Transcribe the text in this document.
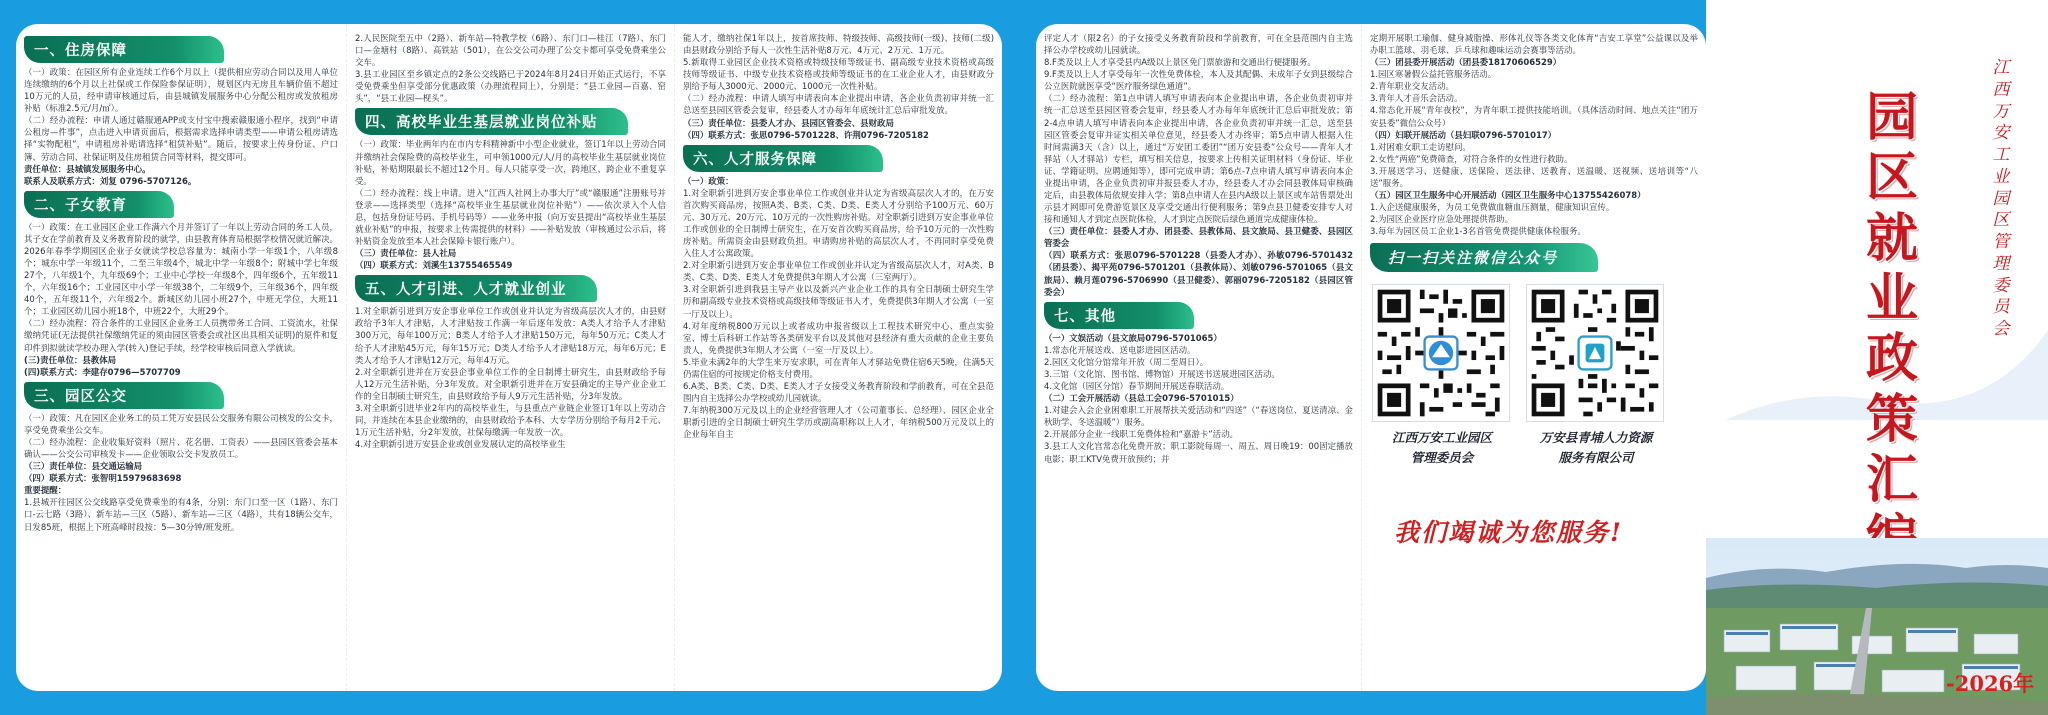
一、住房保障
（一）政策：在园区所有企业连续工作6个月以上（提供相应劳动合同以及用人单位连续缴纳的6个月以上社保或工作保险参保证明），规划区内无房且车辆价值不超过10万元的人员，经申请审核通过后，由县城镇发展服务中心分配公租房或发放租房补贴（标准2.5元/月/㎡）。
（二）经办流程：申请人通过赣服通APP或支付宝中搜索赣服通小程序，找到“申请公租房—件事”，点击进入申请页面后，根据需求选择申请类型——申请公租房请选择“实物配租”，申请租房补贴请选择“租赁补贴”。随后，按要求上传身份证、户口簿、劳动合同、社保证明及住房租赁合同等材料，提交即可。
责任单位：县城镇发展服务中心。
联系人及联系方式：刘复 0796-5707126。
二、子女教育
（一）政策：在工业园区企业工作满六个月并签订了一年以上劳动合同的务工人员，其子女在学前教育及义务教育阶段的就学，由县教育体育局根据学校情况就近解决。2026年春季学期园区企业子女就读学校总容量为：城南小学一年级1个，八年级8个；城东中学一年级11个，二至三年级4个，城北中学一年级8个；附城中学七年级27个，八年级1个，九年级69个；工业中心学校一年级8个，四年级6个，五年级11个，六年级16个；工业园区中小学一年级38个，二年级9个，三年级36个，四年级40个，五年级11个，六年级2个。新城区幼儿园小班27个，中班无学位，大班11个；工业园区幼儿园小班18个，中班22个，大班29个。
（二）经办流程：符合条件的工业园区企业务工人员携带务工合同、工资流水，社保缴纳凭证(无法提供社保缴纳凭证的须由园区管委会或社区出具相关证明)的原件和复印件到拟就读学校办理入学(转入)登记手续，经学校审核后同意入学就读。
(三)责任单位：县教体局
(四)联系方式：李建存0796—5707709
三、园区公交
（一）政策：凡在园区企业务工的员工凭万安县民公交服务有限公司核发的公交卡，享受免费乘坐公交车。
（二）经办流程：企业收集好资料（照片、花名册、工资表）——县园区管委会基本确认——公交公司审核发卡——企业领取公交卡发放员工。
（三）责任单位：县交通运输局
（四）联系方式：张智明15979683698
重要提醒：
1.县城开往园区公交线路享受免费乘坐的有4条，分别：东门口至一区（1路）、东门口-云七路（3路）、新车站—三区（5路）、新车站—三区（4路），共有18辆公交车，日发85班，根据上下班高峰时段按：5—30分钟/班发班。
2.人民医院至五中（2路）、新车站—特教学校（6路）、东门口—桂江（7路）、东门口—金塘村（8路）、高铁站（501），在公交公司办理了公交卡都可享受免费乘坐公交车。
3.县工业园区至乡镇定点的2条公交线路已于2024年8月24日开始正式运行，不享受免费乘坐但享受部分优惠政策（办理流程同上），分别是：“县工业园—百嘉、窑头”，“县工业园—枧头”。
四、高校毕业生基层就业岗位补贴
（一）政策：毕业两年内在市内专科精神新中小型企业就业，签订1年以上劳动合同并缴纳社会保险费的高校毕业生，可申领1000元/人/月的高校毕业生基层就业岗位补贴，补贴期限最长不超过12个月。每人只能享受一次，跨地区、跨企业不重复享受。
（二）经办流程：线上申请。进入“江西人社网上办事大厅”或“赣服通”注册账号并登录——选择类型（选择“高校毕业生基层就业岗位补贴”）——依次录入个人信息，包括身份证号码、手机号码等）——业务申报（向万安县提出“高校毕业生基层就业补贴”的申报，按要求上传需提供的材料）——补贴发放（审核通过公示后，将补贴资金发放至本人社会保障卡银行账户）。
（三）责任单位：县人社局
（四）联系方式：刘溪生13755465549
五、人才引进、人才就业创业
1.对全职新引进到万安企事业单位工作或创业并认定为省级高层次人才的，由县财政给予3年人才津贴，人才津贴按工作满一年后逐年发放：A类人才给予人才津贴300万元，每年100万元；B类人才给予人才津贴150万元，每年50万元；C类人才给予人才津贴45万元，每年15万元；D类人才给予人才津贴18万元，每年6万元；E类人才给予人才津贴12万元，每年4万元。
2.对全职新引进并在万安县企事业单位工作的全日制博士研究生，由县财政给予每人12万元生活补贴，分3年发放。对全职新引进并在万安县确定的主导产业企业工作的全日制硕士研究生，由县财政给予每人9万元生活补贴，分3年发放。
3.对全职新引进毕业2年内的高校毕业生，与县重点产业链企业签订1年以上劳动合同，并连续在本县企业缴纳的，由县财政给予本科、大专学历分别给予每月2千元、1万元生活补贴，分2年发放，社保每缴满一年发放一次。
4.对全职新引进万安县企业或创业发展认定的高校毕业生
能人才，缴纳社保1年以上，按首席技师、特级技师、高级技师(一级)、技师(二级)由县财政分别给予每人一次性生活补贴8万元、4万元、2万元、1万元。
5.新取得工业园区企业技术资格或特级技师等级证书、副高级专业技术资格或高级技师等级证书、中级专业技术资格或技师等级证书的在工业企业人才，由县财政分别给予每人3000元、2000元、1000元一次性补贴。
（二）经办流程：申请人填写申请表向本企业提出申请，各企业负责初审并统一汇总送至县园区管委会复审，经县委人才办每年年底统计汇总后审批发放。
（三）责任单位：县委人才办、县园区管委会、县财政局
（四）联系方式：张思0796-5701228、许荆0796-7205182
六、人才服务保障
（一）政策：
1.对全职新引进到万安企事业单位工作或创业并认定为省级高层次人才的，在万安首次购买商品房，按照A类、B类、C类、D类、E类人才分别给予100万元、60万元、30万元、20万元、10万元的一次性购房补贴。对全职新引进到万安企事业单位工作或创业的全日制博士研究生，在万安首次购买商品房，给予10万元的一次性购房补贴。所需资金由县财政负担。申请购房补贴的高层次人才，不再同时享受免费入住人才公寓政策。
2.对全职新引进到万安企事业单位工作或创业并认定为省级高层次人才，对A类、B类、C类、D类、E类人才免费提供3年期人才公寓（三室两厅）。
3.对全职新引进到我县主导产业以及新兴产业企业工作的具有全日制硕士研究生学历和副高级专业技术资格或高级技师等级证书人才，免费提供3年期人才公寓（一室一厅及以上）。
4.对年度纳税800万元以上或者成功申报省级以上工程技术研究中心、重点实验室、博士后科研工作站等各类研发平台以及其他对县经济有重大贡献的企业主要负责人，免费提供3年期人才公寓（一室一厅及以上）。
5.毕业未满2年的大学生来万安求职，可在青年人才驿站免费住宿6天5晚，住满5天仍需住宿的可按规定价格支付费用。
6.A类、B类、C类、D类、E类人才子女接受义务教育阶段和学前教育，可在全县范围内自主选择公办学校或幼儿园就读。
7.年纳税300万元及以上的企业经营管理人才（公司董事长、总经理）、园区企业全职新引进的全日制硕士研究生学历或副高职称以上人才，年纳税500万元及以上的企业每年自主
评定人才（限2名）的子女接受义务教育阶段和学前教育，可在全县范围内自主选择公办学校或幼儿园就读。
8.F类及以上人才享受县内A级以上景区免门票旅游和交通出行便捷服务。
9.F类及以上人才享受每年一次性免费体检，本人及其配偶、未成年子女到县级综合公立医院就医享受“医疗服务绿色通道”。
（二）经办流程：第1点申请人填写申请表向本企业提出申请，各企业负责初审并统一汇总送至县园区管委会复审，经县委人才办每年年底统计汇总后审批发放；第2-4点申请人填写申请表向本企业提出申请，各企业负责初审并统一汇总，送至县园区管委会复审并证实相关单位意见，经县委人才办终审；第5点申请人根据入住时间需满3天（含）以上，通过“万安团工委团”“团万安县委”公众号——青年人才驿站（人才驿站）专栏，填写相关信息，按要求上传相关证明材料（身份证、毕业证、学籍证明、应聘通知等），即可完成申请；第6点-7点申请人填写申请表向本企业提出申请，各企业负责初审并报县委人才办，经县委人才办会同县教体局审核确定后，由县教体局依规安排入学；第8点申请人在县内A级以上景区或车站售票处出示县才网即可免费游览景区及享受交通出行便利服务；第9点县卫健委安排专人对接和通知人才到定点医院体检，人才到定点医院后绿色通道完成健康体检。
（三）责任单位：县委人才办、团县委、县教体局、县文旅局、县卫健委、县园区管委会
（四）联系方式：张思0796-5701228（县委人才办）、孙敏0796-5701432（团县委）、揭平苑0796-5701201（县教体局）、刘敏0796-5701065（县文旅局）、赖月莲0796-5706990（县卫健委）、郭丽0796-7205182（县园区管委会）
七、其他
（一）文娱活动（县文旅局0796-5701065）
1.常态化开展送戏、送电影进园区活动。
2.园区文化馆分馆常年开放（周二至周日）。
3.三馆（文化馆、图书馆、博物馆）开展送书送展进园区活动。
4.文化馆（园区分馆）春节期间开展送春联活动。
（二）工会开展活动（县总工会0796-5701015）
1.对建会入会企业困难职工开展帮扶关爱活动和“四送”（“春送岗位、夏送清凉、金秋助学、冬送温暖”）服务。
2.开展部分企业一线职工免费体检和“嘉游卡”活动。
3.县工人文化宫常态化免费开放；职工影院每周一、周五、周日晚19：00固定播放电影；职工KTV免费开放预约；并
定期开展职工瑜伽、健身减脂操、形体礼仪等各类文化体育“吉安工享堂”公益课以及举办职工篮球、羽毛球、乒乓球和趣味运动会赛事等活动。
（三）团县委开展活动（团县委18170606529）
1.园区寒暑假公益托管服务活动。
2.青年职业交友活动。
3.青年人才音乐会活动。
4.常态化开展“青年夜校”，为青年职工提供技能培训。（具体活动时间、地点关注“团万安县委”微信公众号）
（四）妇联开展活动（县妇联0796-5701017）
1.对困难女职工走访慰问。
2.女性“两癌”免费筛查，对符合条件的女性进行救助。
3.开展送学习、送健康、送保险、送法律、送教育、送温暖、送视频、送培训等“八送”服务。
（五）园区卫生服务中心开展活动（园区卫生服务中心13755426078）
1.入企送健康服务，为员工免费做血糖血压测量，健康知识宣传。
2.为园区企业医疗应急处理提供帮助。
3.每年为园区员工企业1-3名首管免费提供健康体检服务。
扫一扫关注微信公众号
江西万安工业园区
管理委员会
万安县青埔人力资源
服务有限公司
我们竭诚为您服务!
江西万安工业园区管理委员会
园区就业政策汇
-2026年
